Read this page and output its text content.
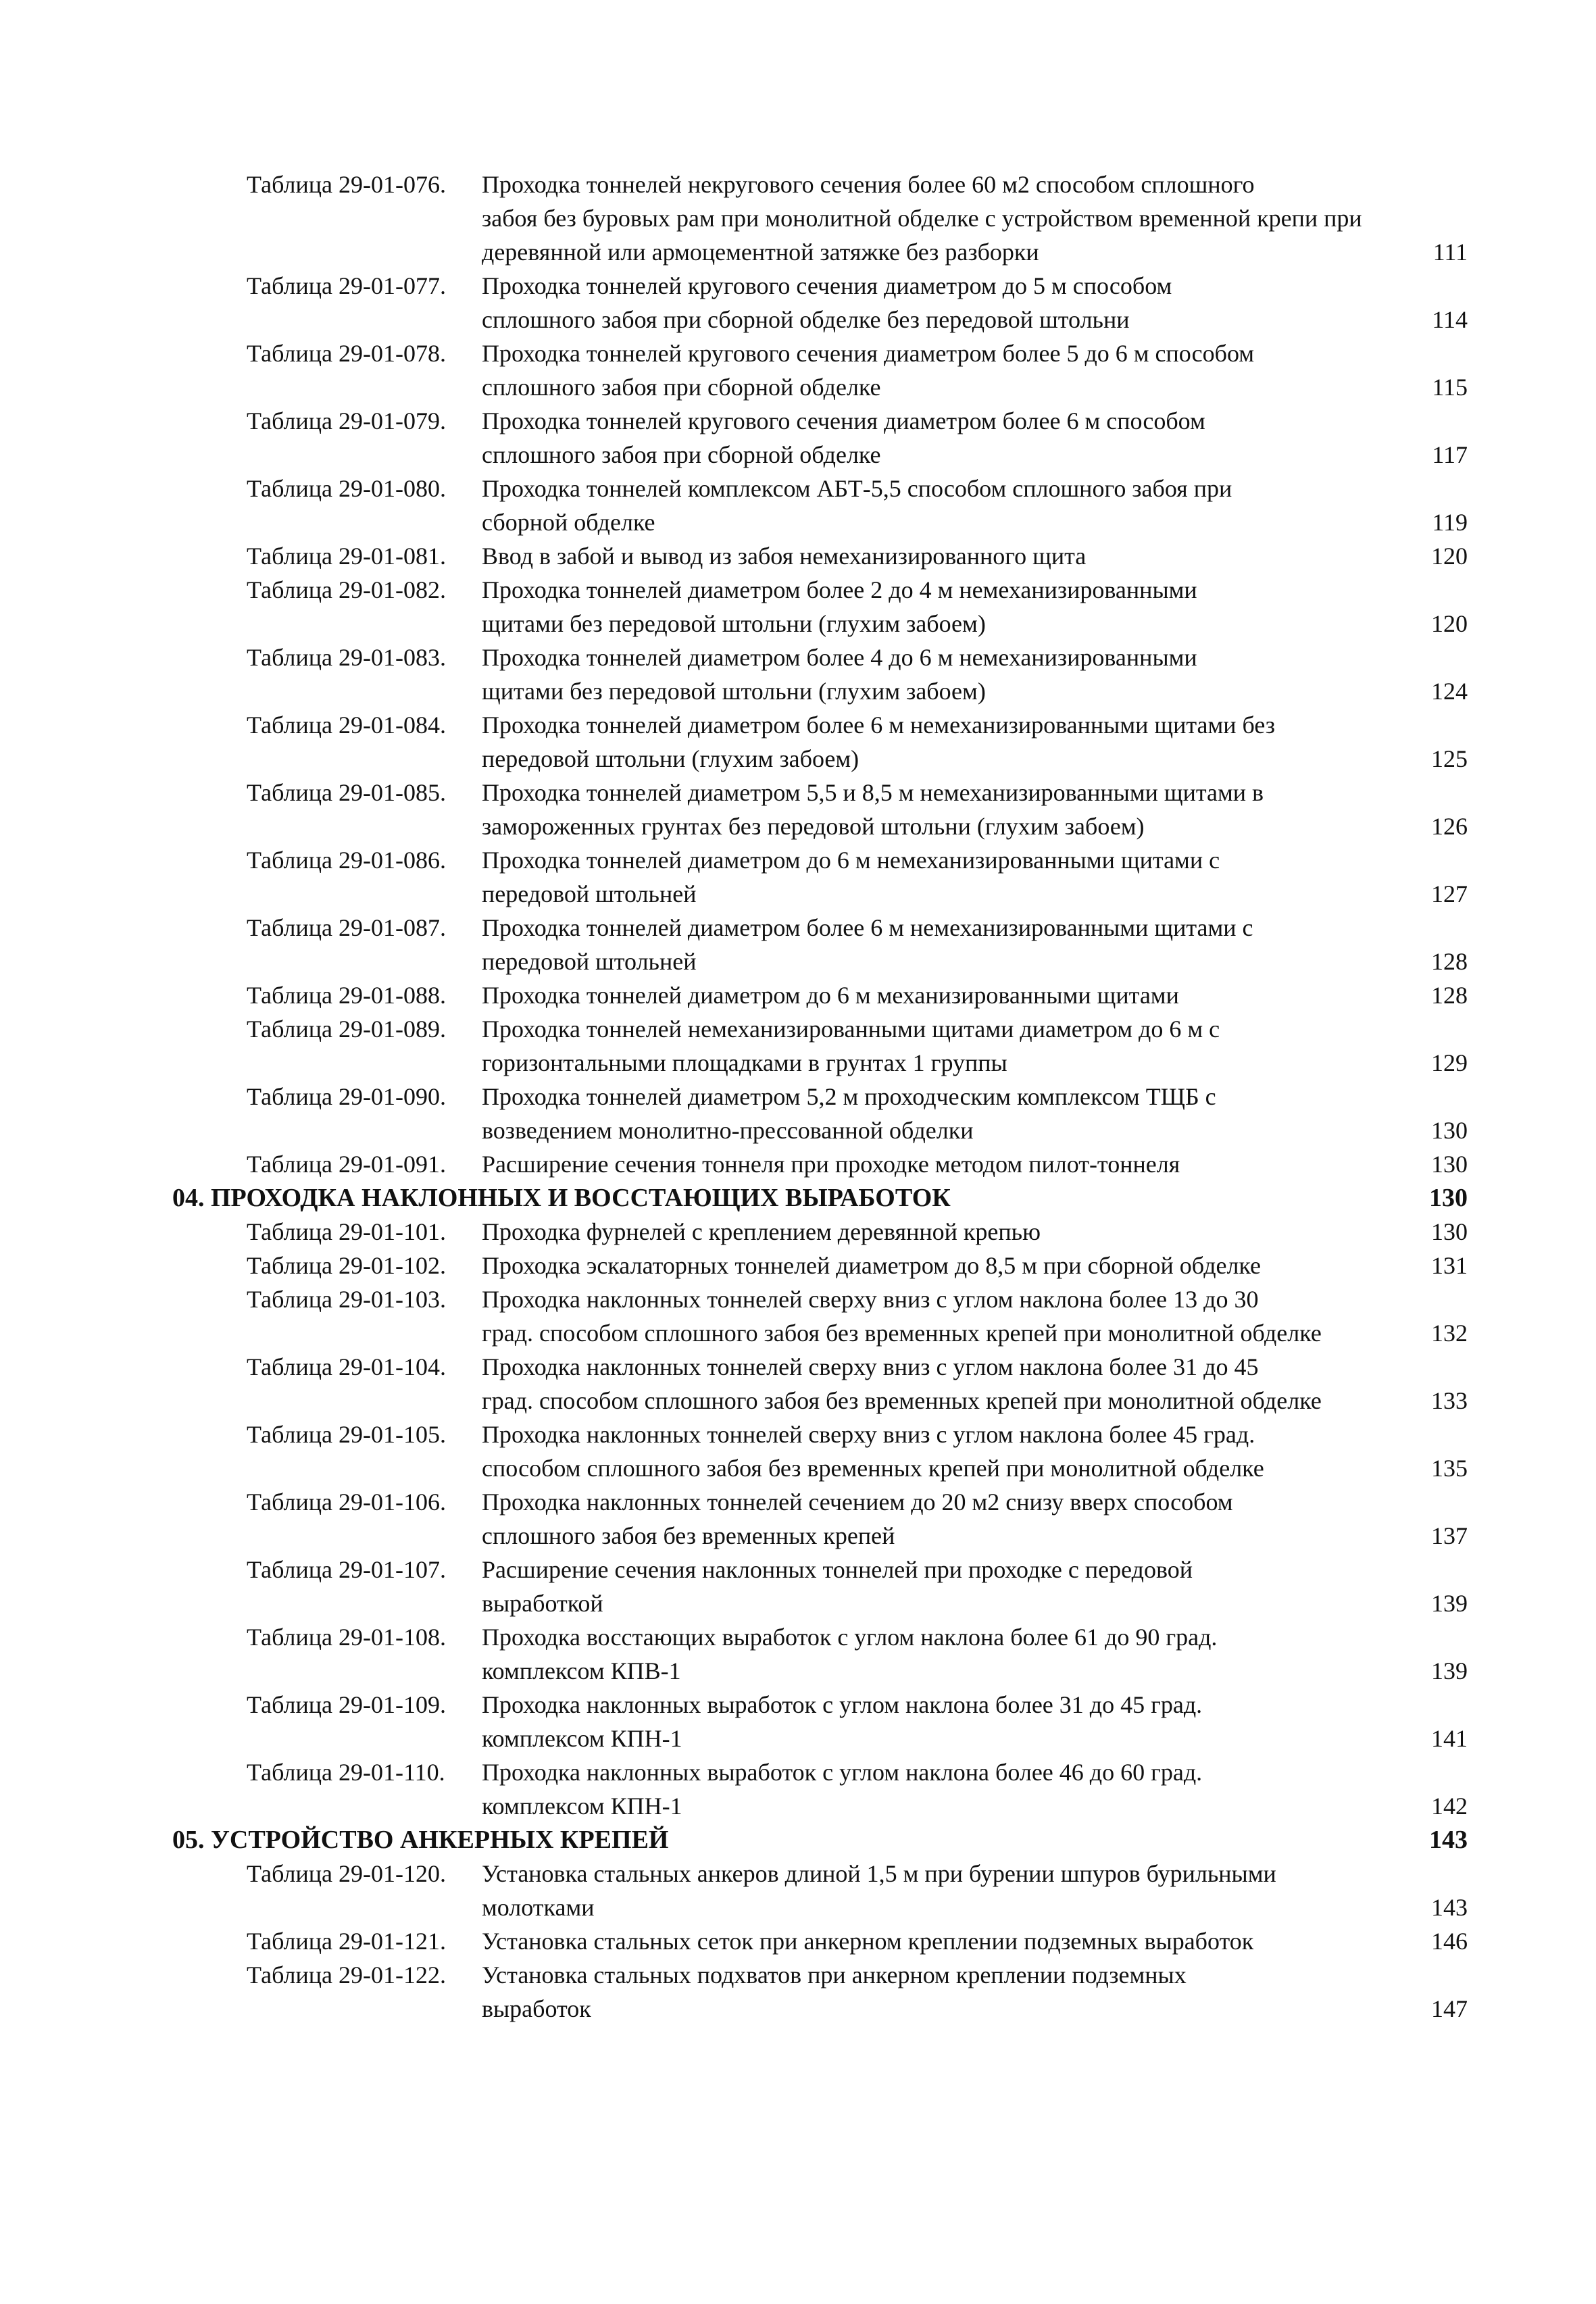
Таблица 29-01-076. Проходка тоннелей некругового сечения более 60 м2 способом сплошного
забоя без буровых рам при монолитной обделке с устройством временной крепи при
деревянной или армоцементной затяжке без разборки	111
Таблица 29-01-077. Проходка тоннелей кругового сечения диаметром до 5 м способом
сплошного забоя при сборной обделке без передовой штольни	114
Таблица 29-01-078. Проходка тоннелей кругового сечения диаметром более 5 до 6 м способом
сплошного забоя при сборной обделке	115
Таблица 29-01-079. Проходка тоннелей кругового сечения диаметром более 6 м способом
сплошного забоя при сборной обделке	117
Таблица 29-01-080. Проходка тоннелей комплексом АБТ-5,5 способом сплошного забоя при
сборной обделке	119
Таблица 29-01-081. Ввод в забой и вывод из забоя немеханизированного щита	120
Таблица 29-01-082. Проходка тоннелей диаметром более 2 до 4 м немеханизированными
щитами без передовой штольни (глухим забоем)	120
Таблица 29-01-083. Проходка тоннелей диаметром более 4 до 6 м немеханизированными
щитами без передовой штольни (глухим забоем)	124
Таблица 29-01-084. Проходка тоннелей диаметром более 6 м немеханизированными щитами без
передовой штольни (глухим забоем)	125
Таблица 29-01-085. Проходка тоннелей диаметром 5,5 и 8,5 м немеханизированными щитами в
замороженных грунтах без передовой штольни (глухим забоем)	126
Таблица 29-01-086. Проходка тоннелей диаметром до 6 м немеханизированными щитами с
передовой штольней	127
Таблица 29-01-087. Проходка тоннелей диаметром более 6 м немеханизированными щитами с
передовой штольней	128
Таблица 29-01-088. Проходка тоннелей диаметром до 6 м механизированными щитами	128
Таблица 29-01-089. Проходка тоннелей немеханизированными щитами диаметром до 6 м с
горизонтальными площадками в грунтах 1 группы	129
Таблица 29-01-090. Проходка тоннелей диаметром 5,2 м проходческим комплексом ТЩБ с
возведением монолитно-прессованной обделки	130
Таблица 29-01-091. Расширение сечения тоннеля при проходке методом пилот-тоннеля	130
04. ПРОХОДКА НАКЛОННЫХ И ВОССТАЮЩИХ ВЫРАБОТОК	130
Таблица 29-01-101. Проходка фурнелей с креплением деревянной крепью	130
Таблица 29-01-102. Проходка эскалаторных тоннелей диаметром до 8,5 м при сборной обделке	131
Таблица 29-01-103. Проходка наклонных тоннелей сверху вниз с углом наклона более 13 до 30
град. способом сплошного забоя без временных крепей при монолитной обделке	132
Таблица 29-01-104. Проходка наклонных тоннелей сверху вниз с углом наклона более 31 до 45
град. способом сплошного забоя без временных крепей при монолитной обделке	133
Таблица 29-01-105. Проходка наклонных тоннелей сверху вниз с углом наклона более 45 град.
способом сплошного забоя без временных крепей при монолитной обделке	135
Таблица 29-01-106. Проходка наклонных тоннелей сечением до 20 м2 снизу вверх способом
сплошного забоя без временных крепей	137
Таблица 29-01-107. Расширение сечения наклонных тоннелей при проходке с передовой
выработкой	139
Таблица 29-01-108. Проходка восстающих выработок с углом наклона более 61 до 90 град.
комплексом КПВ-1	139
Таблица 29-01-109. Проходка наклонных выработок с углом наклона более 31 до 45 град.
комплексом КПН-1	141
Таблица 29-01-110. Проходка наклонных выработок с углом наклона более 46 до 60 град.
комплексом КПН-1	142
05. УСТРОЙСТВО АНКЕРНЫХ КРЕПЕЙ	143
Таблица 29-01-120. Установка стальных анкеров длиной 1,5 м при бурении шпуров бурильными
молотками	143
Таблица 29-01-121. Установка стальных сеток при анкерном креплении подземных выработок	146
Таблица 29-01-122. Установка стальных подхватов при анкерном креплении подземных
выработок	147
